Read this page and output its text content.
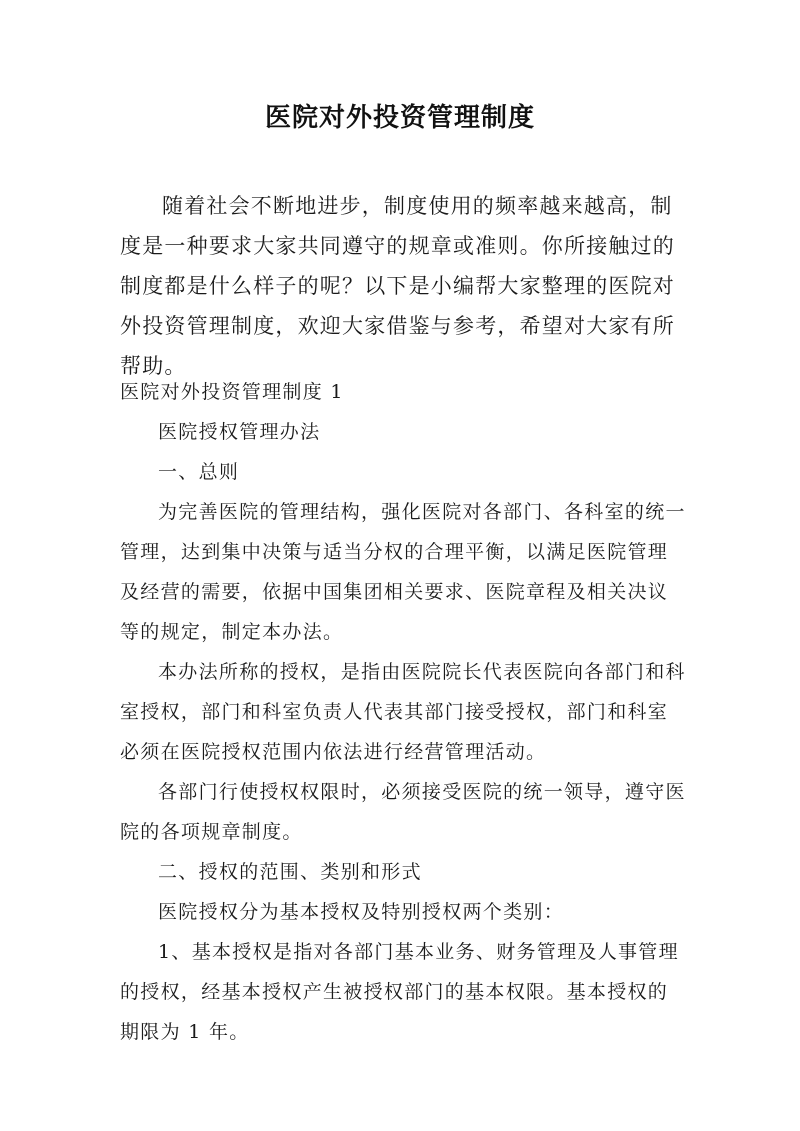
医院对外投资管理制度

随着社会不断地进步，制度使用的频率越来越高，制度是一种要求大家共同遵守的规章或准则。你所接触过的制度都是什么样子的呢？以下是小编帮大家整理的医院对外投资管理制度，欢迎大家借鉴与参考，希望对大家有所帮助。

医院对外投资管理制度 1

医院授权管理办法

一、总则

为完善医院的管理结构，强化医院对各部门、各科室的统一管理，达到集中决策与适当分权的合理平衡，以满足医院管理及经营的需要，依据中国集团相关要求、医院章程及相关决议等的规定，制定本办法。

本办法所称的授权，是指由医院院长代表医院向各部门和科室授权，部门和科室负责人代表其部门接受授权，部门和科室必须在医院授权范围内依法进行经营管理活动。

各部门行使授权权限时，必须接受医院的统一领导，遵守医院的各项规章制度。

二、授权的范围、类别和形式

医院授权分为基本授权及特别授权两个类别：

1、基本授权是指对各部门基本业务、财务管理及人事管理的授权，经基本授权产生被授权部门的基本权限。基本授权的期限为 1 年。
